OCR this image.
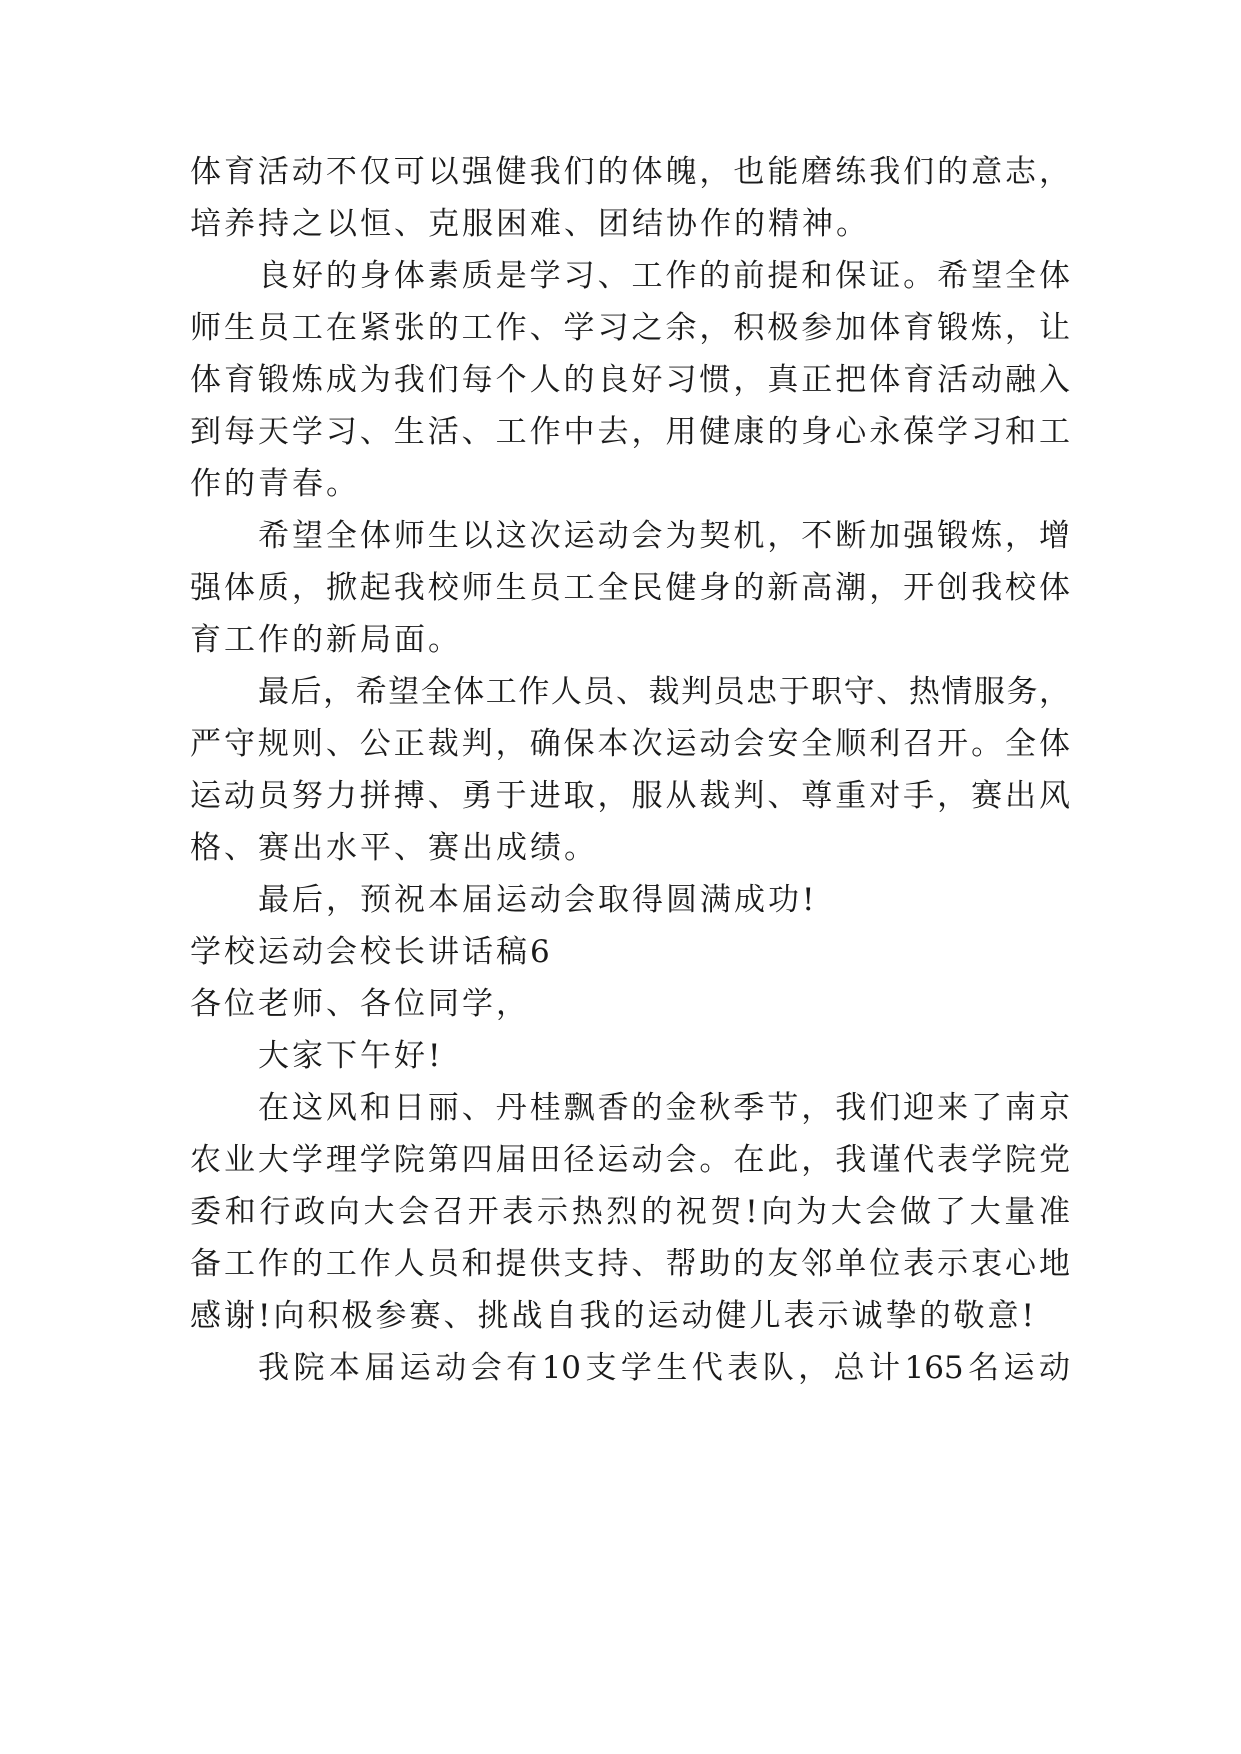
体育活动不仅可以强健我们的体魄，也能磨练我们的意志，
培养持之以恒、克服困难、团结协作的精神。
良好的身体素质是学习、工作的前提和保证。希望全体
师生员工在紧张的工作、学习之余，积极参加体育锻炼，让
体育锻炼成为我们每个人的良好习惯，真正把体育活动融入
到每天学习、生活、工作中去，用健康的身心永葆学习和工
作的青春。
希望全体师生以这次运动会为契机，不断加强锻炼，增
强体质，掀起我校师生员工全民健身的新高潮，开创我校体
育工作的新局面。
最后，希望全体工作人员、裁判员忠于职守、热情服务，
严守规则、公正裁判，确保本次运动会安全顺利召开。全体
运动员努力拼搏、勇于进取，服从裁判、尊重对手，赛出风
格、赛出水平、赛出成绩。
最后，预祝本届运动会取得圆满成功!
学校运动会校长讲话稿6
各位老师、各位同学，
大家下午好!
在这风和日丽、丹桂飘香的金秋季节，我们迎来了南京
农业大学理学院第四届田径运动会。在此，我谨代表学院党
委和行政向大会召开表示热烈的祝贺!向为大会做了大量准
备工作的工作人员和提供支持、帮助的友邻单位表示衷心地
感谢!向积极参赛、挑战自我的运动健儿表示诚挚的敬意!
我院本届运动会有10支学生代表队，总计165名运动
